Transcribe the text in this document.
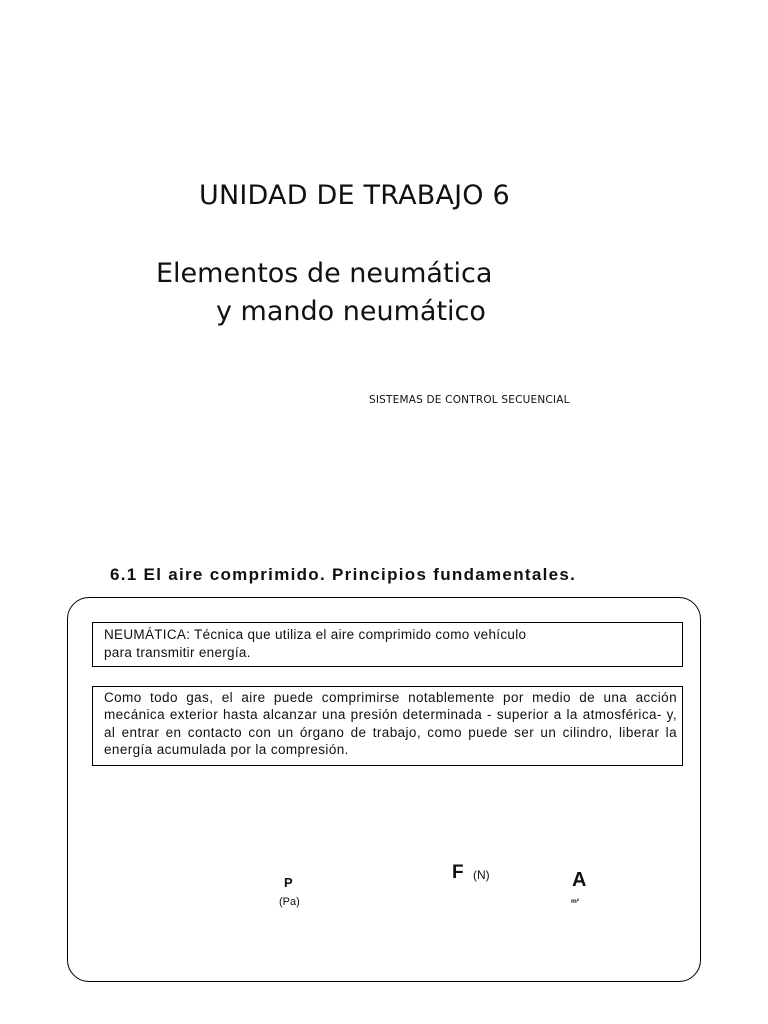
UNIDAD DE TRABAJO 6
Elementos de neumática
y mando neumático
SISTEMAS DE CONTROL SECUENCIAL
6.1 El aire comprimido. Principios fundamentales.

NEUMÁTICA: Técnica que utiliza el aire comprimido como vehículo

para transmitir energía.

Como todo gas, el aire puede comprimirse notablemente por medio de una acción mecánica exterior hasta alcanzar una presión determinada - superior a la atmosférica- y, al entrar en contacto con un órgano de trabajo, como puede ser un cilindro, liberar la energía acumulada por la compresión.
P
(Pa)
F (N)	A
m²
